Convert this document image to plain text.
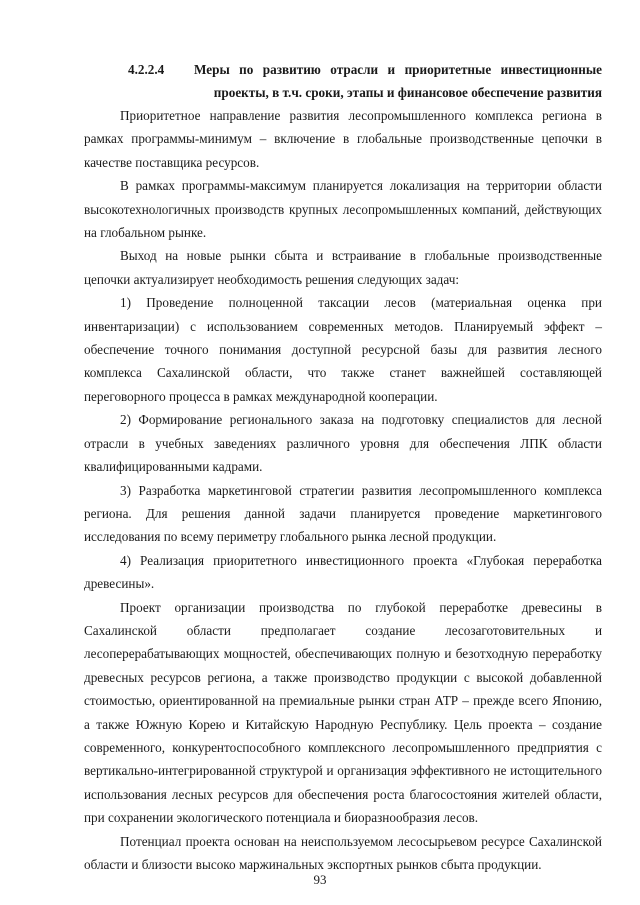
4.2.2.4 Меры по развитию отрасли и приоритетные инвестиционные
проекты, в т.ч. сроки, этапы и финансовое обеспечение развития

Приоритетное направление развития лесопромышленного комплекса региона в рамках программы-минимум – включение в глобальные производственные цепочки в качестве поставщика ресурсов.

В рамках программы-максимум планируется локализация на территории области высокотехнологичных производств крупных лесопромышленных компаний, действующих на глобальном рынке.

Выход на новые рынки сбыта и встраивание в глобальные производственные цепочки актуализирует необходимость решения следующих задач:

1) Проведение полноценной таксации лесов (материальная оценка при инвентаризации) с использованием современных методов. Планируемый эффект – обеспечение точного понимания доступной ресурсной базы для развития лесного комплекса Сахалинской области, что также станет важнейшей составляющей переговорного процесса в рамках международной кооперации.

2) Формирование регионального заказа на подготовку специалистов для лесной отрасли в учебных заведениях различного уровня для обеспечения ЛПК области квалифицированными кадрами.

3) Разработка маркетинговой стратегии развития лесопромышленного комплекса региона. Для решения данной задачи планируется проведение маркетингового исследования по всему периметру глобального рынка лесной продукции.

4) Реализация приоритетного инвестиционного проекта «Глубокая переработка древесины».

Проект организации производства по глубокой переработке древесины в Сахалинской области предполагает создание лесозаготовительных и лесоперерабатывающих мощностей, обеспечивающих полную и безотходную переработку древесных ресурсов региона, а также производство продукции с высокой добавленной стоимостью, ориентированной на премиальные рынки стран АТР – прежде всего Японию, а также Южную Корею и Китайскую Народную Республику. Цель проекта – создание современного, конкурентоспособного комплексного лесопромышленного предприятия с вертикально-интегрированной структурой и организация эффективного не истощительного использования лесных ресурсов для обеспечения роста благосостояния жителей области, при сохранении экологического потенциала и биоразнообразия лесов.

Потенциал проекта основан на неиспользуемом лесосырьевом ресурсе Сахалинской области и близости высоко маржинальных экспортных рынков сбыта продукции.

93
